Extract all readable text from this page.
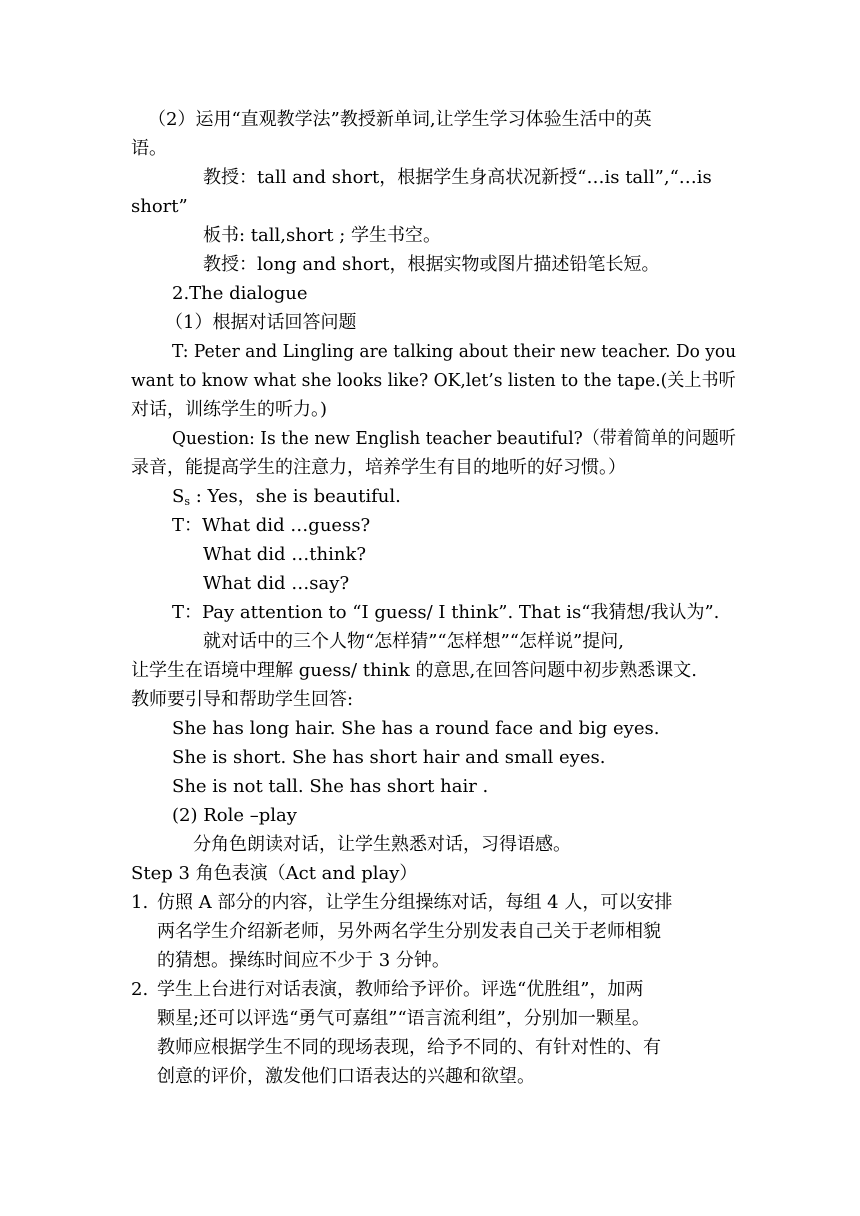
（2）运用“直观教学法”教授新单词,让学生学习体验生活中的英
语。
教授：tall and short，根据学生身高状况新授“…is tall”,“…is
short”
板书: tall,short ; 学生书空。
教授：long and short，根据实物或图片描述铅笔长短。
2.The dialogue
（1）根据对话回答问题
T: Peter and Lingling are talking about their new teacher. Do you
want to know what she looks like? OK,let’s listen to the tape.(关上书听
对话，训练学生的听力。)
Question: Is the new English teacher beautiful?（带着简单的问题听
录音，能提高学生的注意力，培养学生有目的地听的好习惯。）
$S_s$ : Yes，she is beautiful.
T：What did …guess?
What did …think?
What did …say?
T：Pay attention to “I guess/ I think”. That is“我猜想/我认为”.
就对话中的三个人物“怎样猜”“怎样想”“怎样说”提问,
让学生在语境中理解 guess/ think 的意思,在回答问题中初步熟悉课文.
教师要引导和帮助学生回答:
She has long hair. She has a round face and big eyes.
She is short. She has short hair and small eyes.
She is not tall. She has short hair .
(2) Role –play
分角色朗读对话，让学生熟悉对话，习得语感。
Step 3 角色表演（Act and play）
1. 仿照 A 部分的内容，让学生分组操练对话，每组 4 人，可以安排
两名学生介绍新老师，另外两名学生分别发表自己关于老师相貌
的猜想。操练时间应不少于 3 分钟。
2. 学生上台进行对话表演，教师给予评价。评选“优胜组”，加两
颗星;还可以评选“勇气可嘉组”“语言流利组”，分别加一颗星。
教师应根据学生不同的现场表现，给予不同的、有针对性的、有
创意的评价，激发他们口语表达的兴趣和欲望。
